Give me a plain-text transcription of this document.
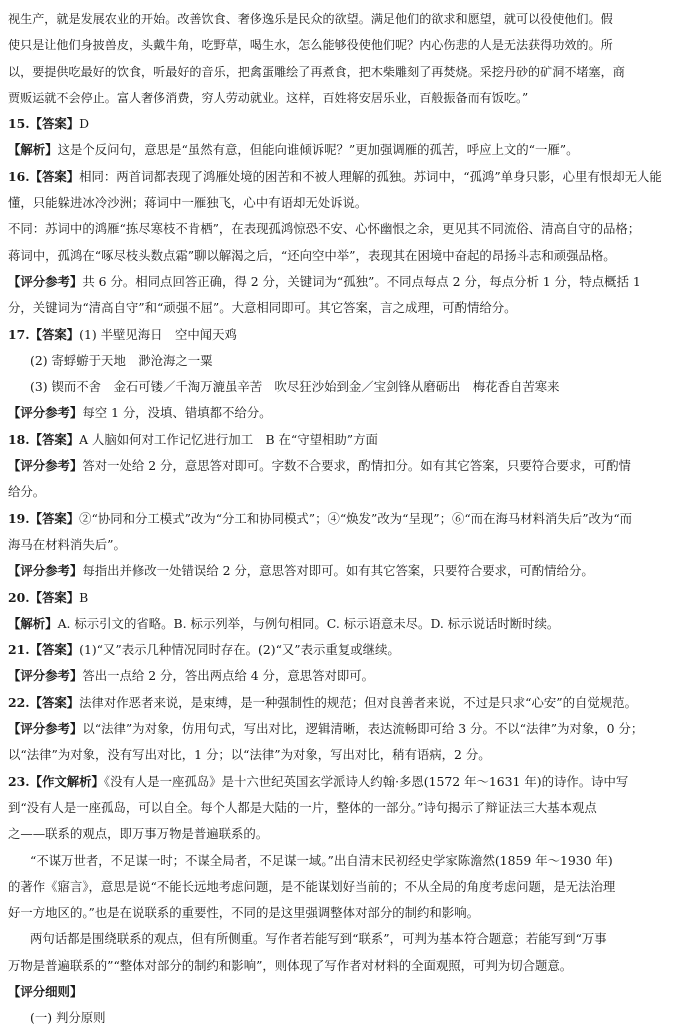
视生产，就是发展农业的开始。改善饮食、奢侈逸乐是民众的欲望。满足他们的欲求和愿望，就可以役使他们。假
使只是让他们身披兽皮，头戴牛角，吃野草，喝生水，怎么能够役使他们呢？内心伤悲的人是无法获得功效的。所
以，要提供吃最好的饮食，听最好的音乐，把禽蛋雕绘了再煮食，把木柴雕刻了再焚烧。采挖丹砂的矿洞不堵塞，商
贾贩运就不会停止。富人奢侈消费，穷人劳动就业。这样，百姓将安居乐业，百般振备而有饭吃。”
15.【答案】D
【解析】这是个反问句，意思是“虽然有意，但能向谁倾诉呢？”更加强调雁的孤苦，呼应上文的“一雁”。
16.【答案】相同：两首词都表现了鸿雁处境的困苦和不被人理解的孤独。苏词中，“孤鸿”单身只影，心里有恨却无人能
懂，只能躲进冰冷沙洲；蒋词中一雁独飞，心中有语却无处诉说。
不同：苏词中的鸿雁“拣尽寒枝不肯栖”，在表现孤鸿惊恐不安、心怀幽恨之余，更见其不同流俗、清高自守的品格；
蒋词中，孤鸿在“啄尽枝头数点霜”聊以解渴之后，“还向空中举”，表现其在困境中奋起的昂扬斗志和顽强品格。
【评分参考】共 6 分。相同点回答正确，得 2 分，关键词为“孤独”。不同点每点 2 分，每点分析 1 分，特点概括 1
分，关键词为“清高自守”和“顽强不屈”。大意相同即可。其它答案，言之成理，可酌情给分。
17.【答案】(1) 半壁见海日　空中闻天鸡
(2) 寄蜉蝣于天地　渺沧海之一粟
(3) 锲而不舍　金石可镂／千淘万漉虽辛苦　吹尽狂沙始到金／宝剑锋从磨砺出　梅花香自苦寒来
【评分参考】每空 1 分，没填、错填都不给分。
18.【答案】A 人脑如何对工作记忆进行加工　B 在“守望相助”方面
【评分参考】答对一处给 2 分，意思答对即可。字数不合要求，酌情扣分。如有其它答案，只要符合要求，可酌情
给分。
19.【答案】②“协同和分工模式”改为“分工和协同模式”；④“焕发”改为“呈现”；⑥“而在海马材料消失后”改为“而
海马在材料消失后”。
【评分参考】每指出并修改一处错误给 2 分，意思答对即可。如有其它答案，只要符合要求，可酌情给分。
20.【答案】B
【解析】A. 标示引文的省略。B. 标示列举，与例句相同。C. 标示语意未尽。D. 标示说话时断时续。
21.【答案】(1)“又”表示几种情况同时存在。(2)“又”表示重复或继续。
【评分参考】答出一点给 2 分，答出两点给 4 分，意思答对即可。
22.【答案】法律对作恶者来说，是束缚，是一种强制性的规范；但对良善者来说，不过是只求“心安”的自觉规范。
【评分参考】以“法律”为对象，仿用句式，写出对比，逻辑清晰，表达流畅即可给 3 分。不以“法律”为对象，0 分；
以“法律”为对象，没有写出对比，1 分；以“法律”为对象，写出对比，稍有语病，2 分。
23.【作文解析】《没有人是一座孤岛》是十六世纪英国玄学派诗人约翰·多恩(1572 年～1631 年)的诗作。诗中写
到“没有人是一座孤岛，可以自全。每个人都是大陆的一片，整体的一部分。”诗句揭示了辩证法三大基本观点
之——联系的观点，即万事万物是普遍联系的。
“不谋万世者，不足谋一时；不谋全局者，不足谋一域。”出自清末民初经史学家陈澹然(1859 年～1930 年)
的著作《寤言》，意思是说“不能长远地考虑问题，是不能谋划好当前的；不从全局的角度考虑问题，是无法治理
好一方地区的。”也是在说联系的重要性，不同的是这里强调整体对部分的制约和影响。
两句话都是围绕联系的观点，但有所侧重。写作者若能写到“联系”，可判为基本符合题意；若能写到“万事
万物是普遍联系的”“整体对部分的制约和影响”，则体现了写作者对材料的全面观照，可判为切合题意。
【评分细则】
(一) 判分原则
